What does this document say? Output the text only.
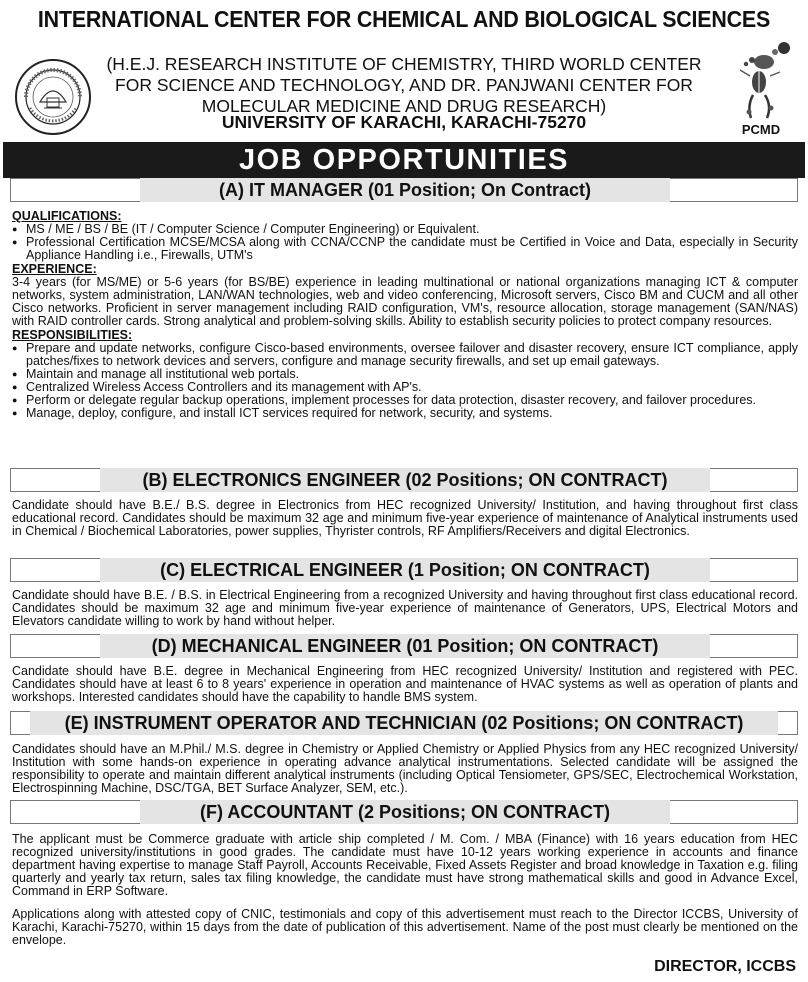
INTERNATIONAL CENTER FOR CHEMICAL AND BIOLOGICAL SCIENCES
(H.E.J. RESEARCH INSTITUTE OF CHEMISTRY, THIRD WORLD CENTER
FOR SCIENCE AND TECHNOLOGY, AND DR. PANJWANI CENTER FOR
MOLECULAR MEDICINE AND DRUG RESEARCH)
UNIVERSITY OF KARACHI, KARACHI-75270	PCMD
JOB OPPORTUNITIES
(A) IT MANAGER (01 Position; On Contract)
QUALIFICATIONS:
● MS / ME / BS / BE (IT / Computer Science / Computer Engineering) or Equivalent.
● Professional Certification MCSE/MCSA along with CCNA/CCNP the candidate must be Certified in Voice and Data, especially in Security Appliance Handling i.e., Firewalls, UTM's
EXPERIENCE:
3-4 years (for MS/ME) or 5-6 years (for BS/BE) experience in leading multinational or national organizations managing ICT & computer networks, system administration, LAN/WAN technologies, web and video conferencing, Microsoft servers, Cisco BM and CUCM and all other Cisco networks. Proficient in server management including RAID configuration, VM's, resource allocation, storage management (SAN/NAS) with RAID controller cards. Strong analytical and problem-solving skills. Ability to establish security policies to protect company resources.
RESPONSIBILITIES:
● Prepare and update networks, configure Cisco-based environments, oversee failover and disaster recovery, ensure ICT compliance, apply patches/fixes to network devices and servers, configure and manage security firewalls, and set up email gateways.
● Maintain and manage all institutional web portals.
● Centralized Wireless Access Controllers and its management with AP's.
● Perform or delegate regular backup operations, implement processes for data protection, disaster recovery, and failover procedures.
● Manage, deploy, configure, and install ICT services required for network, security, and systems.
(B) ELECTRONICS ENGINEER (02 Positions; ON CONTRACT)
Candidate should have B.E./ B.S. degree in Electronics from HEC recognized University/ Institution, and having throughout first class educational record. Candidates should be maximum 32 age and minimum five-year experience of maintenance of Analytical instruments used in Chemical / Biochemical Laboratories, power supplies, Thyrister controls, RF Amplifiers/Receivers and digital Electronics.
(C) ELECTRICAL ENGINEER (1 Position; ON CONTRACT)
Candidate should have B.E. / B.S. in Electrical Engineering from a recognized University and having throughout first class educational record. Candidates should be maximum 32 age and minimum five-year experience of maintenance of Generators, UPS, Electrical Motors and Elevators candidate willing to work by hand without helper.
(D) MECHANICAL ENGINEER (01 Position; ON CONTRACT)
Candidate should have B.E. degree in Mechanical Engineering from HEC recognized University/ Institution and registered with PEC. Candidates should have at least 6 to 8 years' experience in operation and maintenance of HVAC systems as well as operation of plants and workshops. Interested candidates should have the capability to handle BMS system.
(E) INSTRUMENT OPERATOR AND TECHNICIAN (02 Positions; ON CONTRACT)
Candidates should have an M.Phil./ M.S. degree in Chemistry or Applied Chemistry or Applied Physics from any HEC recognized University/ Institution with some hands-on experience in operating advance analytical instrumentations. Selected candidate will be assigned the responsibility to operate and maintain different analytical instruments (including Optical Tensiometer, GPS/SEC, Electrochemical Workstation, Electrospinning Machine, DSC/TGA, BET Surface Analyzer, SEM, etc.).
(F) ACCOUNTANT (2 Positions; ON CONTRACT)
The applicant must be Commerce graduate with article ship completed / M. Com. / MBA (Finance) with 16 years education from HEC recognized university/institutions in good grades. The candidate must have 10-12 years working experience in accounts and finance department having expertise to manage Staff Payroll, Accounts Receivable, Fixed Assets Register and broad knowledge in Taxation e.g. filing quarterly and yearly tax return, sales tax filing knowledge, the candidate must have strong mathematical skills and good in Advance Excel, Command in ERP Software.
Applications along with attested copy of CNIC, testimonials and copy of this advertisement must reach to the Director ICCBS, University of Karachi, Karachi-75270, within 15 days from the date of publication of this advertisement. Name of the post must clearly be mentioned on the envelope.
DIRECTOR, ICCBS
